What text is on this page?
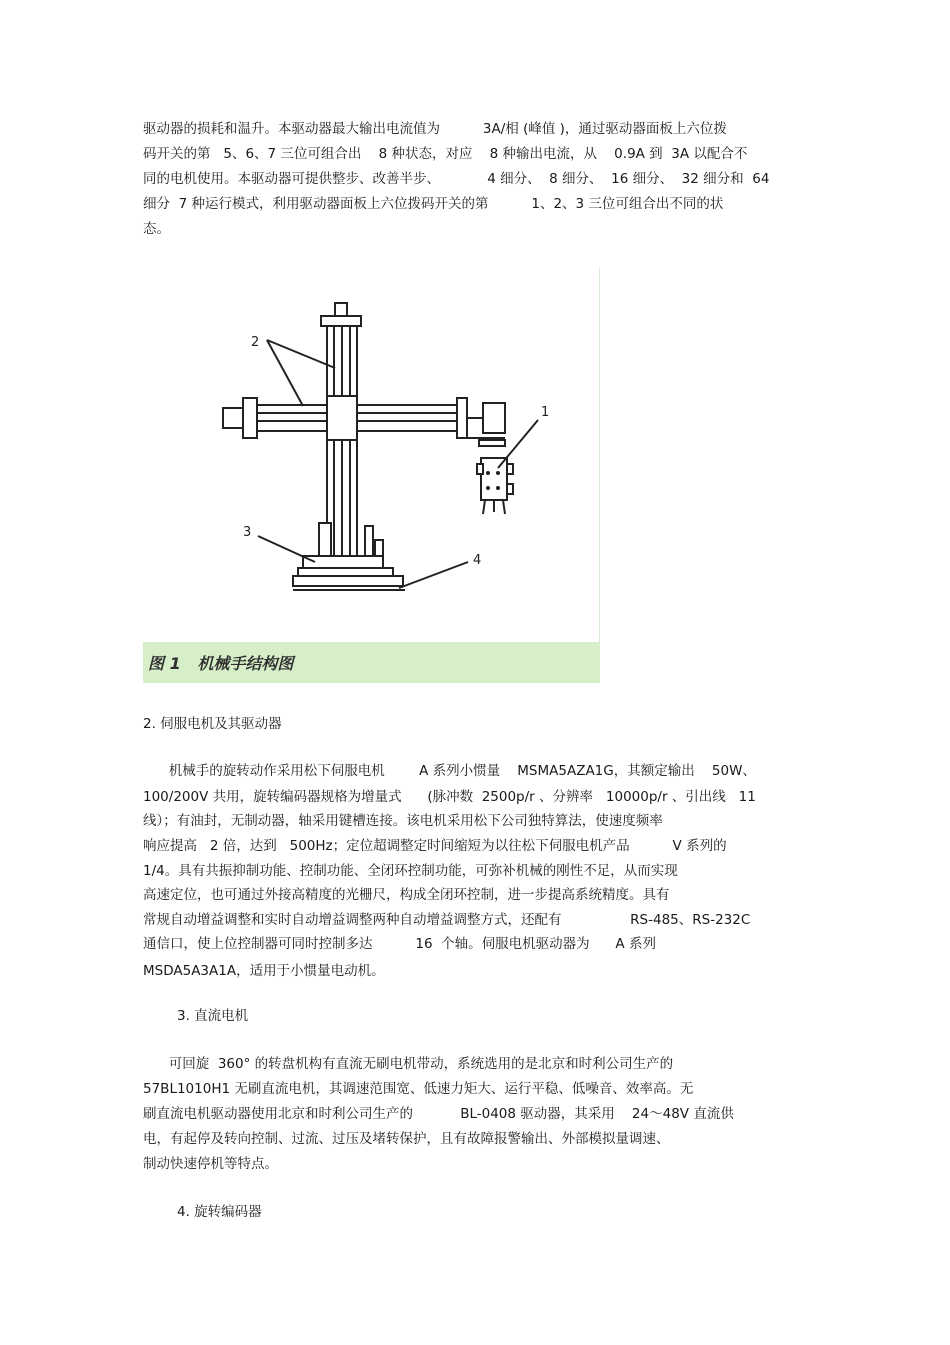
驱动器的损耗和温升。本驱动器最大输出电流值为          3A/相 (峰值 )，通过驱动器面板上六位拨
码开关的第   5、6、7 三位可组合出    8 种状态，对应    8 种输出电流，从    0.9A 到  3A 以配合不
同的电机使用。本驱动器可提供整步、改善半步、           4 细分、  8 细分、  16 细分、  32 细分和  64
细分  7 种运行模式，利用驱动器面板上六位拨码开关的第          1、2、3 三位可组合出不同的状
态。
1
2
3
4
图 1   机械手结构图
2. 伺服电机及其驱动器
机械手的旋转动作采用松下伺服电机        A 系列小惯量    MSMA5AZA1G，其额定输出    50W、
100/200V 共用，旋转编码器规格为增量式      (脉冲数  2500p/r 、分辨率   10000p/r 、引出线   11
线）；有油封，无制动器，轴采用键槽连接。该电机采用松下公司独特算法，使速度频率
响应提高   2 倍，达到   500Hz；定位超调整定时间缩短为以往松下伺服电机产品          V 系列的
1/4。具有共振抑制功能、控制功能、全闭环控制功能，可弥补机械的刚性不足，从而实现
高速定位，也可通过外接高精度的光栅尺，构成全闭环控制，进一步提高系统精度。具有
常规自动增益调整和实时自动增益调整两种自动增益调整方式，还配有                RS-485、RS-232C
通信口，使上位控制器可同时控制多达          16  个轴。伺服电机驱动器为      A 系列
MSDA5A3A1A，适用于小惯量电动机。
3. 直流电机
可回旋  360° 的转盘机构有直流无刷电机带动，系统选用的是北京和时利公司生产的
57BL1010H1 无刷直流电机，其调速范围宽、低速力矩大、运行平稳、低噪音、效率高。无
刷直流电机驱动器使用北京和时利公司生产的           BL-0408 驱动器，其采用    24～48V 直流供
电，有起停及转向控制、过流、过压及堵转保护，且有故障报警输出、外部模拟量调速、
制动快速停机等特点。
4. 旋转编码器
